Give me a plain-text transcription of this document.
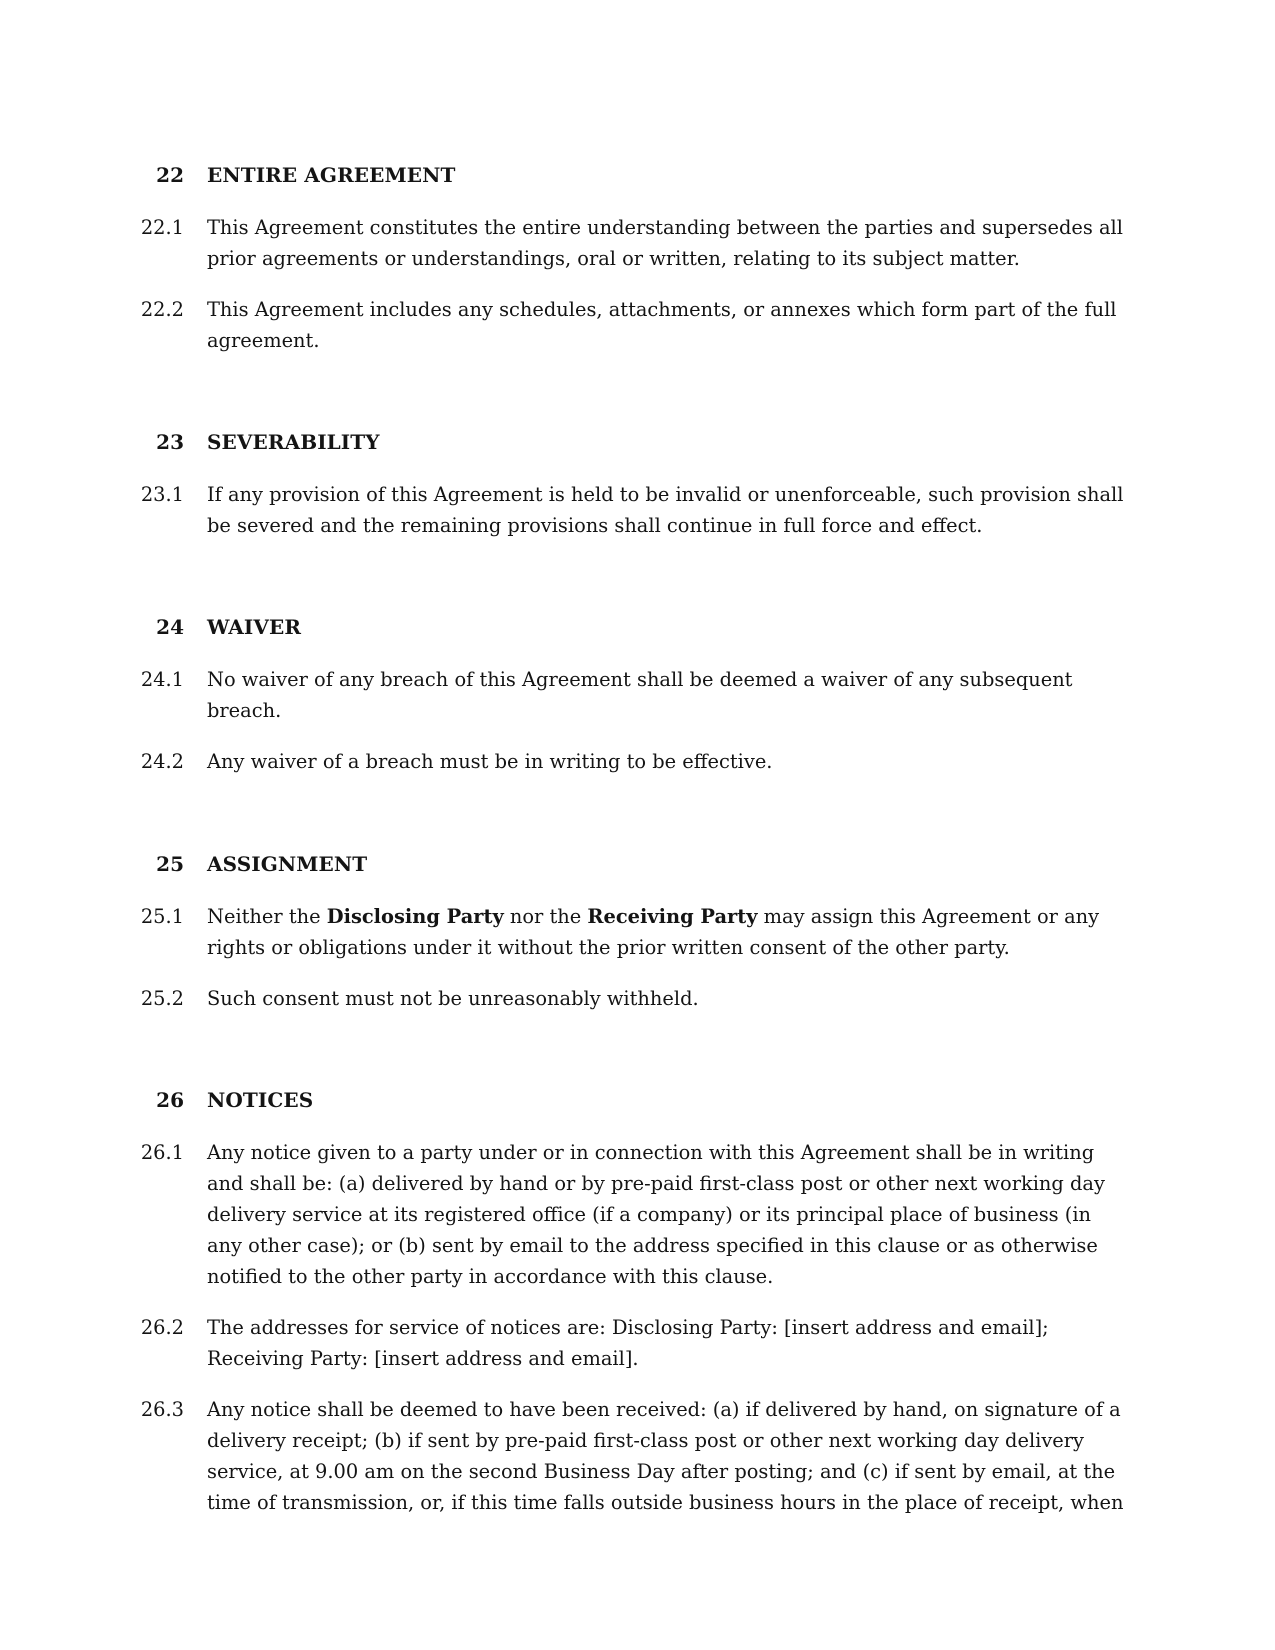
22 ENTIRE AGREEMENT
22.1 This Agreement constitutes the entire understanding between the parties and supersedes all prior agreements or understandings, oral or written, relating to its subject matter.
22.2 This Agreement includes any schedules, attachments, or annexes which form part of the full agreement.
23 SEVERABILITY
23.1 If any provision of this Agreement is held to be invalid or unenforceable, such provision shall be severed and the remaining provisions shall continue in full force and effect.
24 WAIVER
24.1 No waiver of any breach of this Agreement shall be deemed a waiver of any subsequent breach.
24.2 Any waiver of a breach must be in writing to be effective.
25 ASSIGNMENT
25.1 Neither the Disclosing Party nor the Receiving Party may assign this Agreement or any rights or obligations under it without the prior written consent of the other party.
25.2 Such consent must not be unreasonably withheld.
26 NOTICES
26.1 Any notice given to a party under or in connection with this Agreement shall be in writing and shall be: (a) delivered by hand or by pre-paid first-class post or other next working day delivery service at its registered office (if a company) or its principal place of business (in any other case); or (b) sent by email to the address specified in this clause or as otherwise notified to the other party in accordance with this clause.
26.2 The addresses for service of notices are: Disclosing Party: [insert address and email]; Receiving Party: [insert address and email].
26.3 Any notice shall be deemed to have been received: (a) if delivered by hand, on signature of a delivery receipt; (b) if sent by pre-paid first-class post or other next working day delivery service, at 9.00 am on the second Business Day after posting; and (c) if sent by email, at the time of transmission, or, if this time falls outside business hours in the place of receipt, when
